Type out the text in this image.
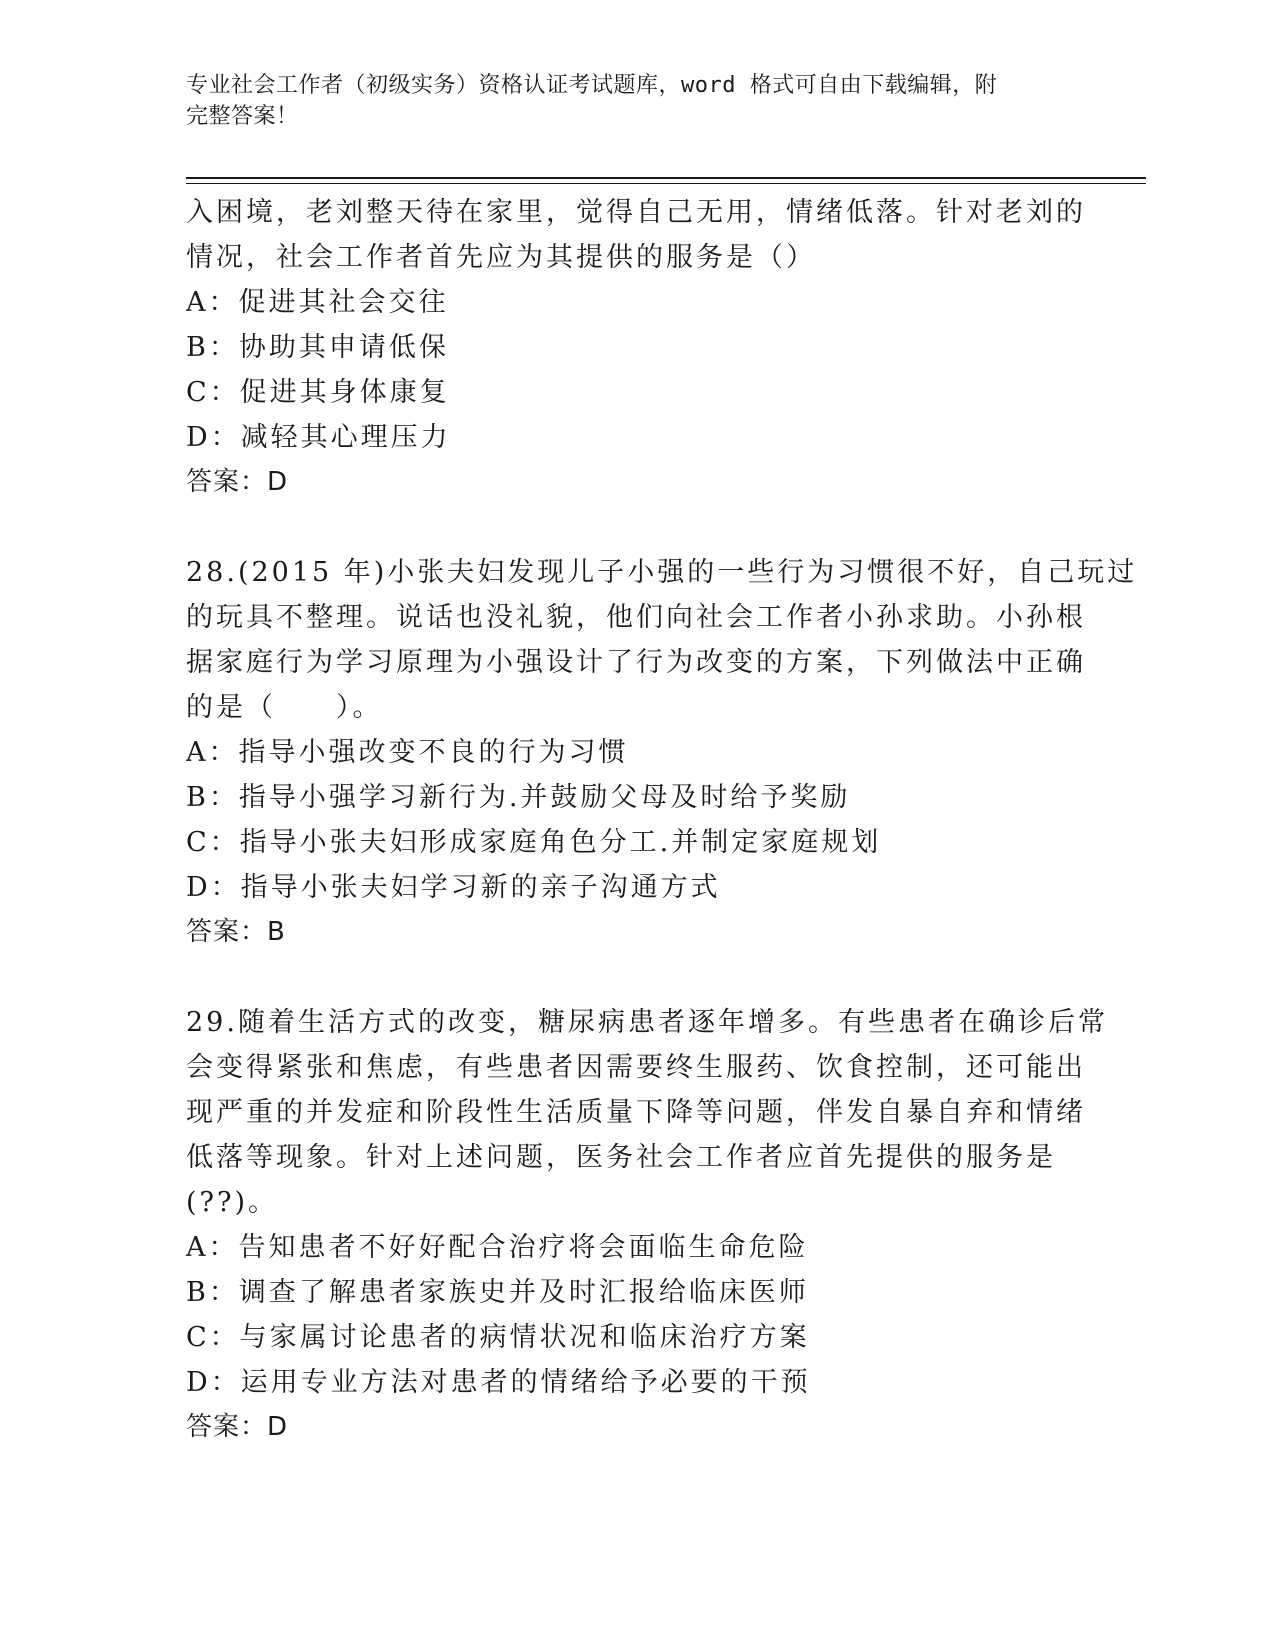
专业社会工作者（初级实务）资格认证考试题库，word 格式可自由下载编辑，附
完整答案！
入困境，老刘整天待在家里，觉得自己无用，情绪低落。针对老刘的
情况，社会工作者首先应为其提供的服务是（）
A：促进其社会交往
B：协助其申请低保
C：促进其身体康复
D：减轻其心理压力
答案：D
28.(2015 年)小张夫妇发现儿子小强的一些行为习惯很不好，自己玩过
的玩具不整理。说话也没礼貌，他们向社会工作者小孙求助。小孙根
据家庭行为学习原理为小强设计了行为改变的方案，下列做法中正确
的是（　　）。
A：指导小强改变不良的行为习惯
B：指导小强学习新行为.并鼓励父母及时给予奖励
C：指导小张夫妇形成家庭角色分工.并制定家庭规划
D：指导小张夫妇学习新的亲子沟通方式
答案：B
29.随着生活方式的改变，糖尿病患者逐年增多。有些患者在确诊后常
会变得紧张和焦虑，有些患者因需要终生服药、饮食控制，还可能出
现严重的并发症和阶段性生活质量下降等问题，伴发自暴自弃和情绪
低落等现象。针对上述问题，医务社会工作者应首先提供的服务是
(??)。
A：告知患者不好好配合治疗将会面临生命危险
B：调查了解患者家族史并及时汇报给临床医师
C：与家属讨论患者的病情状况和临床治疗方案
D：运用专业方法对患者的情绪给予必要的干预
答案：D
